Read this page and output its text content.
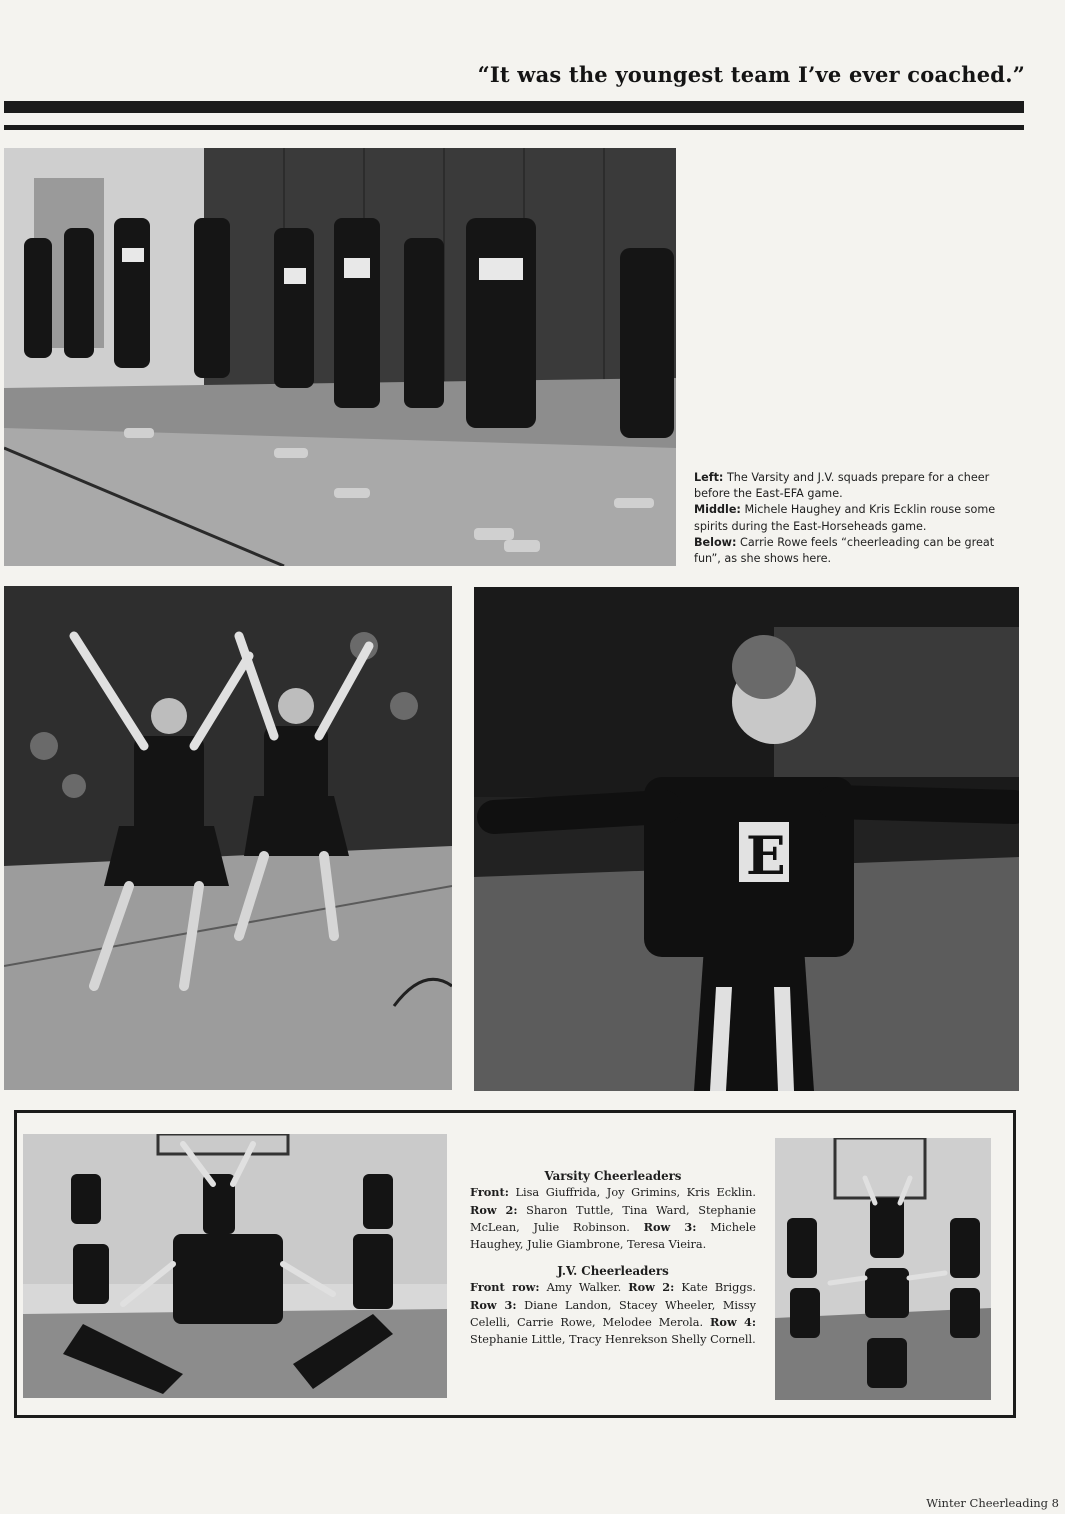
“It was the youngest team I’ve ever coached.”

Left: The Varsity and J.V. squads prepare for a cheer before the East-EFA game.

Middle: Michele Haughey and Kris Ecklin rouse some spirits during the East-Horseheads game.

Below: Carrie Rowe feels “cheerleading can be great fun”, as she shows here.

E
Varsity Cheerleaders

Front: Lisa Giuffrida, Joy Grimins, Kris Ecklin. Row 2: Sharon Tuttle, Tina Ward, Stephanie McLean, Julie Robinson. Row 3: Michele Haughey, Julie Giambrone, Teresa Vieira.

J.V. Cheerleaders

Front row: Amy Walker. Row 2: Kate Briggs. Row 3: Diane Landon, Stacey Wheeler, Missy Celelli, Carrie Rowe, Melodee Merola. Row 4: Stephanie Little, Tracy Henrekson Shelly Cornell.

Winter Cheerleading 8
